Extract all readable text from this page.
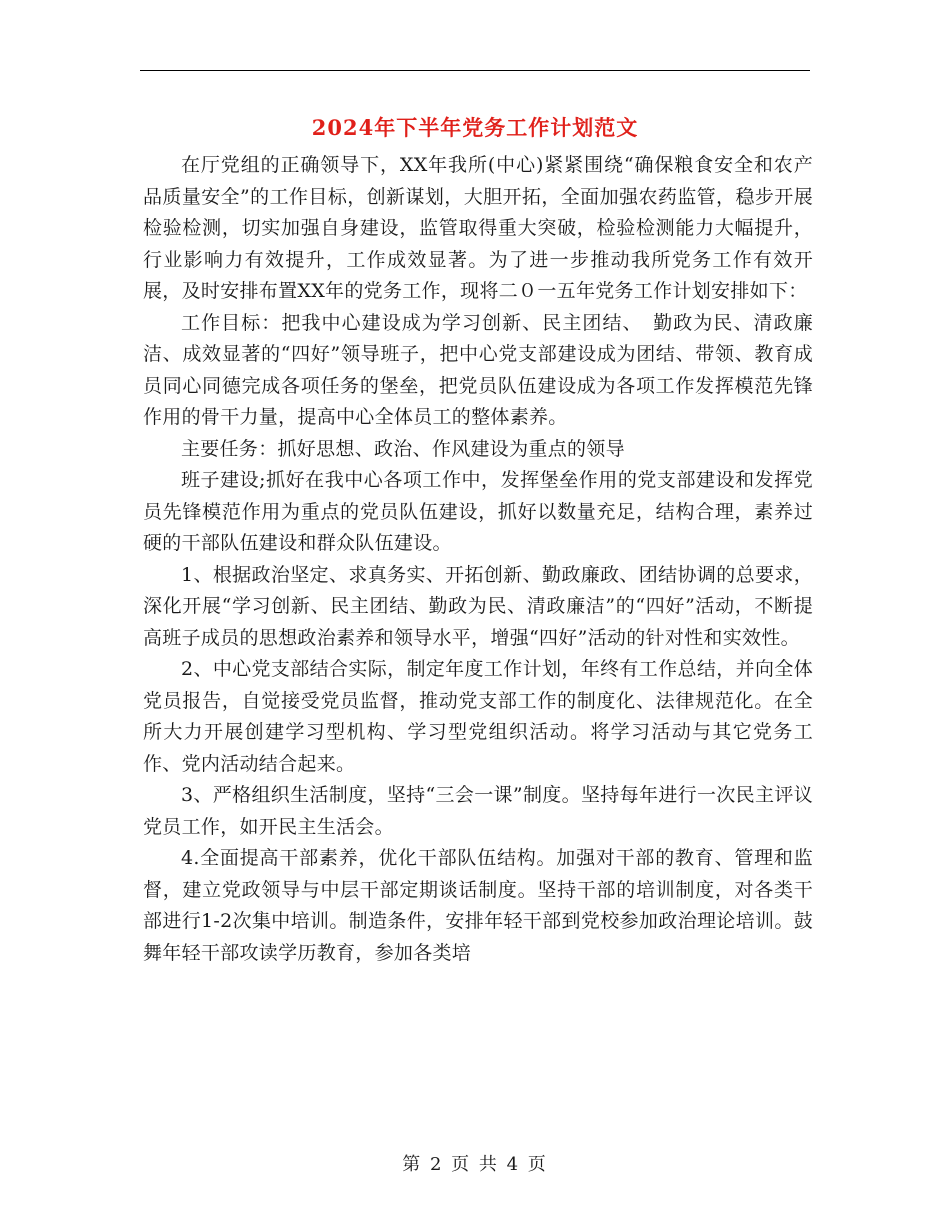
2024年下半年党务工作计划范文

在厅党组的正确领导下，XX年我所(中心)紧紧围绕“确保粮食安全和农产品质量安全”的工作目标，创新谋划，大胆开拓，全面加强农药监管，稳步开展检验检测，切实加强自身建设，监管取得重大突破，检验检测能力大幅提升，行业影响力有效提升，工作成效显著。为了进一步推动我所党务工作有效开展，及时安排布置XX年的党务工作，现将二０一五年党务工作计划安排如下：

工作目标：把我中心建设成为学习创新、民主团结、　勤政为民、清政廉洁、成效显著的“四好”领导班子，把中心党支部建设成为团结、带领、教育成员同心同德完成各项任务的堡垒，把党员队伍建设成为各项工作发挥模范先锋作用的骨干力量，提高中心全体员工的整体素养。

主要任务：抓好思想、政治、作风建设为重点的领导

班子建设;抓好在我中心各项工作中，发挥堡垒作用的党支部建设和发挥党员先锋模范作用为重点的党员队伍建设，抓好以数量充足，结构合理，素养过硬的干部队伍建设和群众队伍建设。

1、根据政治坚定、求真务实、开拓创新、勤政廉政、团结协调的总要求，深化开展“学习创新、民主团结、勤政为民、清政廉洁”的“四好”活动，不断提高班子成员的思想政治素养和领导水平，增强“四好”活动的针对性和实效性。

2、中心党支部结合实际，制定年度工作计划，年终有工作总结，并向全体党员报告，自觉接受党员监督，推动党支部工作的制度化、法律规范化。在全所大力开展创建学习型机构、学习型党组织活动。将学习活动与其它党务工作、党内活动结合起来。

3、严格组织生活制度，坚持“三会一课”制度。坚持每年进行一次民主评议党员工作，如开民主生活会。

4.全面提高干部素养，优化干部队伍结构。加强对干部的教育、管理和监督，建立党政领导与中层干部定期谈话制度。坚持干部的培训制度，对各类干部进行1-2次集中培训。制造条件，安排年轻干部到党校参加政治理论培训。鼓舞年轻干部攻读学历教育，参加各类培

第 2 页 共 4 页
